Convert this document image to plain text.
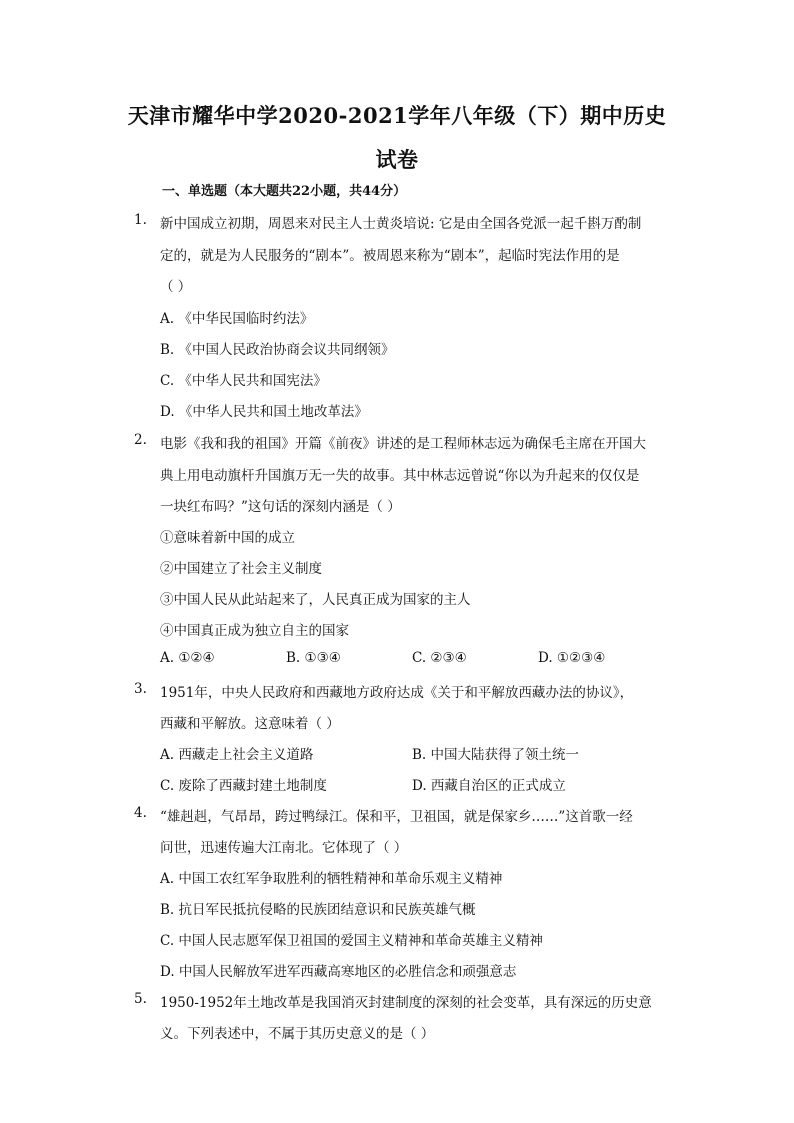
天津市耀华中学2020-2021学年八年级（下）期中历史
试卷
一、单选题（本大题共22小题，共44分）
1. 新中国成立初期，周恩来对民主人士黄炎培说: 它是由全国各党派一起千斟万酌制
定的，就是为人民服务的“剧本”。被周恩来称为“剧本”，起临时宪法作用的是
（ ）
A. 《中华民国临时约法》
B. 《中国人民政治协商会议共同纲领》
C. 《中华人民共和国宪法》
D. 《中华人民共和国土地改革法》
2. 电影《我和我的祖国》开篇《前夜》讲述的是工程师林志远为确保毛主席在开国大
典上用电动旗杆升国旗万无一失的故事。其中林志远曾说“你以为升起来的仅仅是
一块红布吗？”这句话的深刻内涵是（ ）
①意味着新中国的成立
②中国建立了社会主义制度
③中国人民从此站起来了，人民真正成为国家的主人
④中国真正成为独立自主的国家
A. ①②④	B. ①③④	C. ②③④	D. ①②③④
3. 1951年，中央人民政府和西藏地方政府达成《关于和平解放西藏办法的协议》，
西藏和平解放。这意味着（ ）
A. 西藏走上社会主义道路	B. 中国大陆获得了领土统一
C. 废除了西藏封建土地制度	D. 西藏自治区的正式成立
4. “雄赳赳，气昂昂，跨过鸭绿江。保和平，卫祖国，就是保家乡……”这首歌一经
问世，迅速传遍大江南北。它体现了（ ）
A. 中国工农红军争取胜利的牺牲精神和革命乐观主义精神
B. 抗日军民抵抗侵略的民族团结意识和民族英雄气概
C. 中国人民志愿军保卫祖国的爱国主义精神和革命英雄主义精神
D. 中国人民解放军进军西藏高寒地区的必胜信念和顽强意志
5. 1950-1952年土地改革是我国消灭封建制度的深刻的社会变革，具有深远的历史意
义。下列表述中，不属于其历史意义的是（ ）
